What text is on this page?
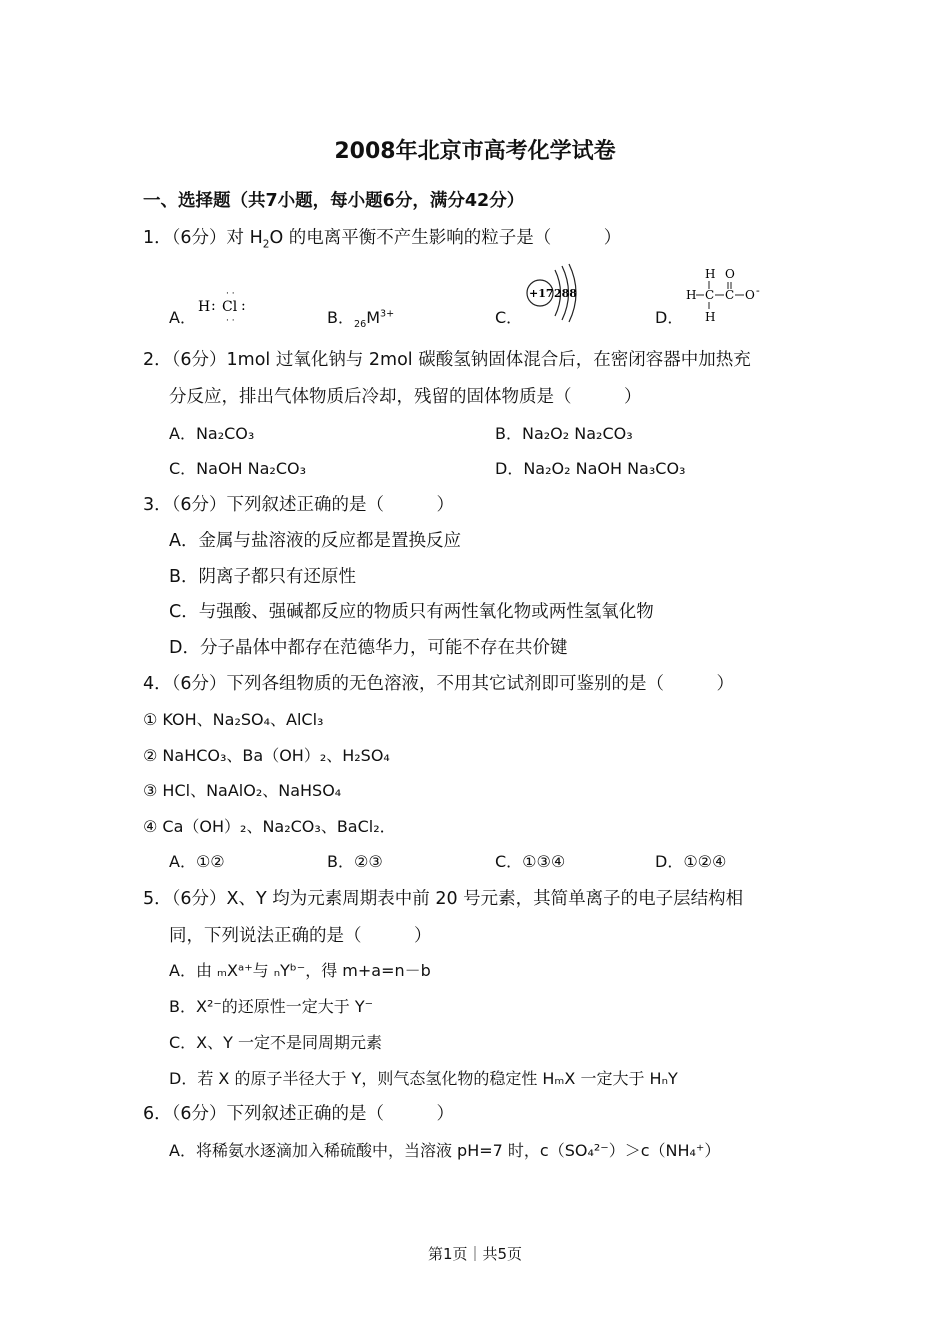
2008年北京市高考化学试卷
一、选择题（共7小题，每小题6分，满分42分）
1．（6分）对 $H_2O$ 的电离平衡不产生影响的粒子是（　　　）
A．
· ·
H : Cl :
· ·	B．$_{26}M^{3+}$	C．
+17 288
D．
H
H C C
O
O -
H
2．（6分）1mol 过氧化钠与 2mol 碳酸氢钠固体混合后，在密闭容器中加热充
分反应，排出气体物质后冷却，残留的固体物质是（　　　）
A．Na₂CO₃	B．Na₂O₂ Na₂CO₃
C．NaOH Na₂CO₃	D．Na₂O₂ NaOH Na₃CO₃
3．（6分）下列叙述正确的是（　　　）
A．金属与盐溶液的反应都是置换反应
B．阴离子都只有还原性
C．与强酸、强碱都反应的物质只有两性氧化物或两性氢氧化物
D．分子晶体中都存在范德华力，可能不存在共价键
4．（6分）下列各组物质的无色溶液，不用其它试剂即可鉴别的是（　　　）
① KOH、Na₂SO₄、AlCl₃
② NaHCO₃、Ba（OH）₂、H₂SO₄
③ HCl、NaAlO₂、NaHSO₄
④ Ca（OH）₂、Na₂CO₃、BaCl₂．
A．①②	B．②③	C．①③④	D．①②④
5．（6分）X、Y 均为元素周期表中前 20 号元素，其简单离子的电子层结构相
同，下列说法正确的是（　　　）
A．由 ₘXᵃ⁺与 ₙYᵇ⁻，得 m+a=n－b
B．X²⁻的还原性一定大于 Y⁻
C．X、Y 一定不是同周期元素
D．若 X 的原子半径大于 Y，则气态氢化物的稳定性 HₘX 一定大于 HₙY
6．（6分）下列叙述正确的是（　　　）
A．将稀氨水逐滴加入稀硫酸中，当溶液 pH=7 时，c（SO₄²⁻）＞c（NH₄⁺）
第1页｜共5页
